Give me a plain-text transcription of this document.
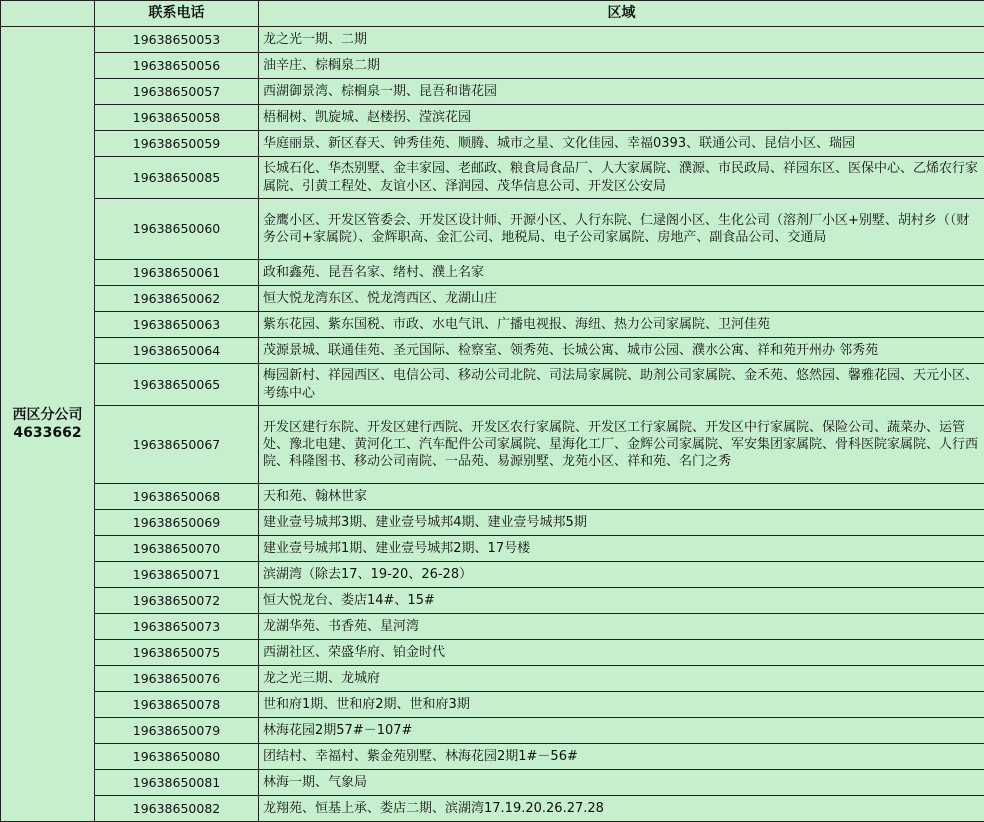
	联系电话	区域

西区分公司
4633662	19638650053	龙之光一期、二期
	19638650056	油辛庄、棕榈泉二期
	19638650057	西湖御景湾、棕榈泉一期、昆吾和谐花园
	19638650058	梧桐树、凯旋城、赵楼拐、滢滨花园
	19638650059	华庭丽景、新区春天、钟秀佳苑、顺腾、城市之星、文化佳园、幸福0393、联通公司、昆信小区、瑞园
	19638650085	长城石化、华杰别墅、金丰家园、老邮政、粮食局食品厂、人大家属院、濮源、市民政局、祥园东区、医保中心、乙烯农行家属院、引黄工程处、友谊小区、泽润园、茂华信息公司、开发区公安局
	19638650060	金鹰小区、开发区管委会、开发区设计师、开源小区、人行东院、仁逯阁小区、生化公司（溶剂厂小区+别墅、胡村乡（（财务公司+家属院）、金辉职高、金汇公司、地税局、电子公司家属院、房地产、副食品公司、交通局
	19638650061	政和鑫苑、昆吾名家、绪村、濮上名家
	19638650062	恒大悦龙湾东区、悦龙湾西区、龙湖山庄
	19638650063	紫东花园、紫东国税、市政、水电气讯、广播电视报、海纽、热力公司家属院、卫河佳苑
	19638650064	茂源景城、联通佳苑、圣元国际、检察室、领秀苑、长城公寓、城市公园、濮水公寓、祥和苑开州办 邻秀苑
	19638650065	梅园新村、祥园西区、电信公司、移动公司北院、司法局家属院、助剂公司家属院、金禾苑、悠然园、馨雅花园、天元小区、考练中心
	19638650067	开发区建行东院、开发区建行西院、开发区农行家属院、开发区工行家属院、开发区中行家属院、保险公司、蔬菜办、运管处、豫北电建、黄河化工、汽车配件公司家属院、星海化工厂、金辉公司家属院、军安集团家属院、骨科医院家属院、人行西院、科隆图书、移动公司南院、一品苑、易源别墅、龙苑小区、祥和苑、名门之秀
	19638650068	天和苑、翰林世家
	19638650069	建业壹号城邦3期、建业壹号城邦4期、建业壹号城邦5期
	19638650070	建业壹号城邦1期、建业壹号城邦2期、17号楼
	19638650071	滨湖湾（除去17、19-20、26-28）
	19638650072	恒大悦龙台、娄店14#、15#
	19638650073	龙湖华苑、书香苑、星河湾
	19638650075	西湖社区、荣盛华府、铂金时代
	19638650076	龙之光三期、龙城府
	19638650078	世和府1期、世和府2期、世和府3期
	19638650079	林海花园2期57#－107#
	19638650080	团结村、幸福村、紫金苑别墅、林海花园2期1#－56#
	19638650081	林海一期、气象局
	19638650082	龙翔苑、恒基上承、娄店二期、滨湖湾17.19.20.26.27.28
